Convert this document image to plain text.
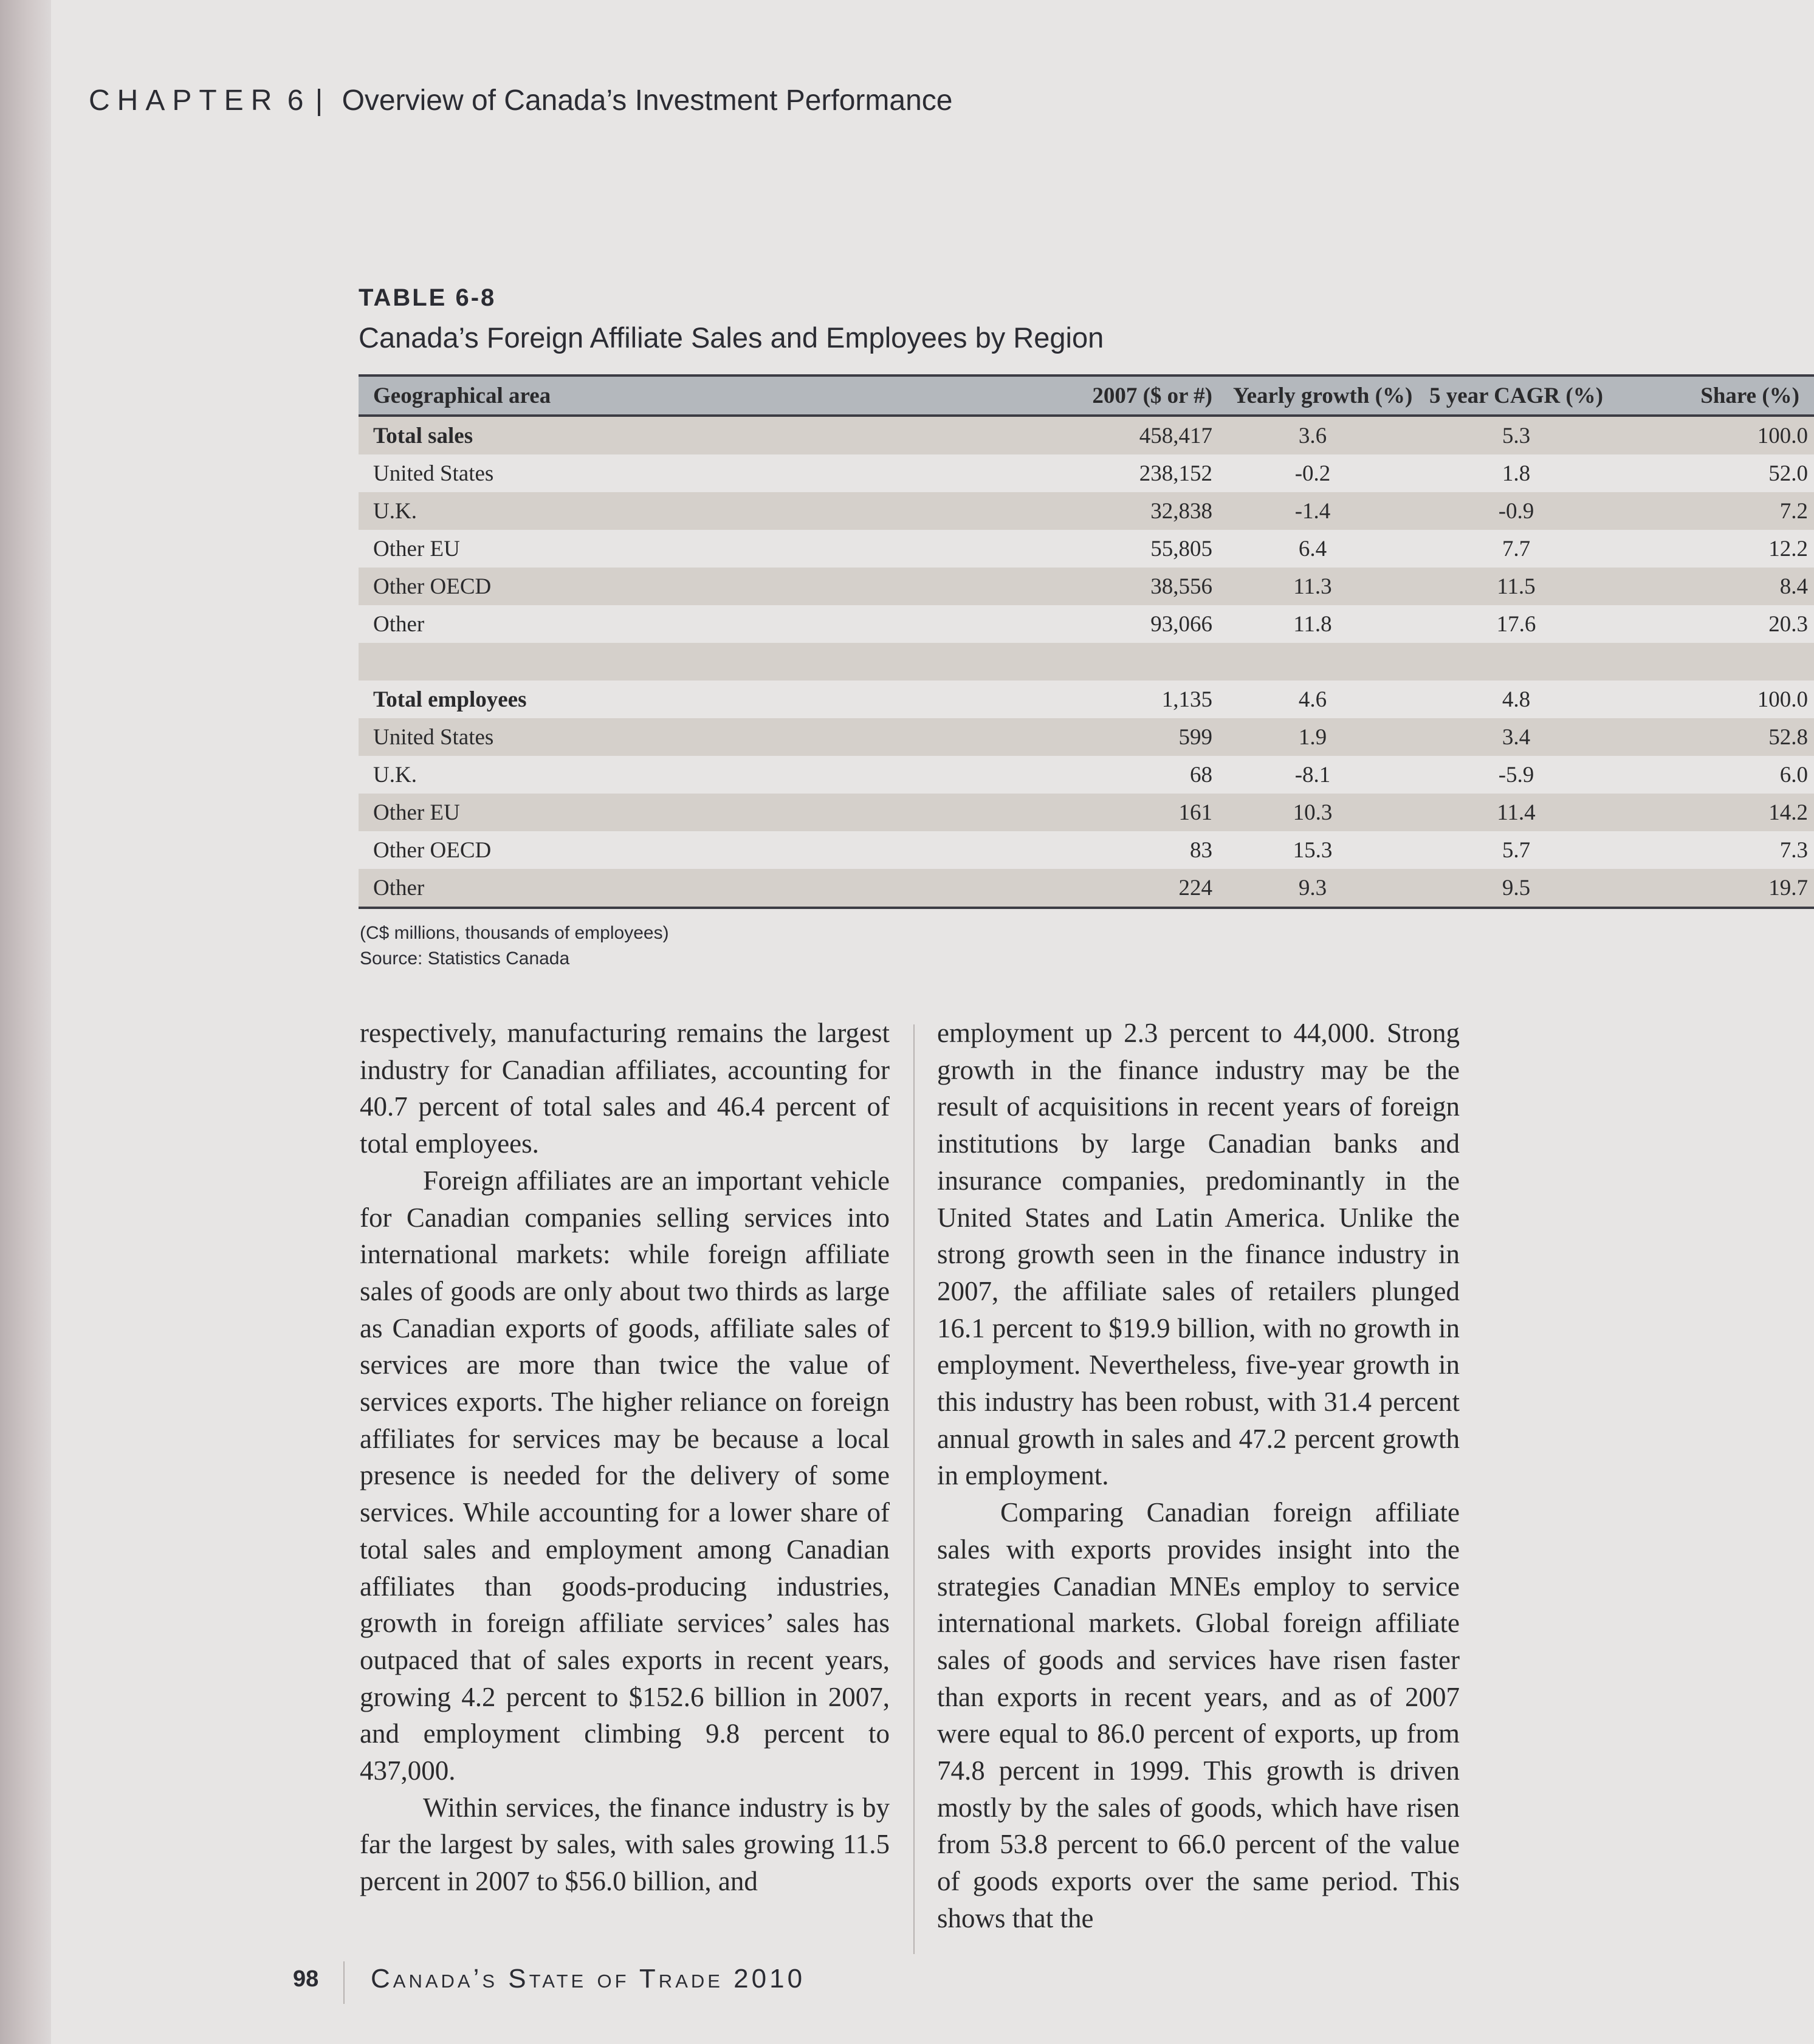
CHAPTER 6 | Overview of Canada’s Investment Performance
TABLE 6-8
Canada’s Foreign Affiliate Sales and Employees by Region
Geographical area	2007 ($ or #)	Yearly growth (%)	5 year CAGR (%)	Share (%)
Total sales	458,417	3.6	5.3	100.0
United States	238,152	-0.2	1.8	52.0
U.K.	32,838	-1.4	-0.9	7.2
Other EU	55,805	6.4	7.7	12.2
Other OECD	38,556	11.3	11.5	8.4
Other	93,066	11.8	17.6	20.3

Total employees	1,135	4.6	4.8	100.0
United States	599	1.9	3.4	52.8
U.K.	68	-8.1	-5.9	6.0
Other EU	161	10.3	11.4	14.2
Other OECD	83	15.3	5.7	7.3
Other	224	9.3	9.5	19.7
(C$ millions, thousands of employees)
Source: Statistics Canada

respectively, manufacturing remains the largest industry for Canadian affiliates, accounting for 40.7 percent of total sales and 46.4 percent of total employees.

Foreign affiliates are an important vehicle for Canadian companies selling services into international markets: while foreign affiliate sales of goods are only about two thirds as large as Canadian exports of goods, affiliate sales of services are more than twice the value of services exports. The higher reliance on foreign affiliates for services may be because a local presence is needed for the delivery of some services. While accounting for a lower share of total sales and employment among Canadian affiliates than goods-producing industries, growth in foreign affiliate services’ sales has outpaced that of sales exports in recent years, growing 4.2 percent to $152.6 billion in 2007, and employment climbing 9.8 percent to 437,000.

Within services, the finance industry is by far the largest by sales, with sales growing 11.5 percent in 2007 to $56.0 billion, and

employment up 2.3 percent to 44,000. Strong growth in the finance industry may be the result of acquisitions in recent years of foreign institutions by large Canadian banks and insurance companies, predominantly in the United States and Latin America. Unlike the strong growth seen in the finance industry in 2007, the affiliate sales of retailers plunged 16.1 percent to $19.9 billion, with no growth in employment. Nevertheless, five-year growth in this industry has been robust, with 31.4 percent annual growth in sales and 47.2 percent growth in employment.

Comparing Canadian foreign affiliate sales with exports provides insight into the strategies Canadian MNEs employ to service international markets. Global foreign affiliate sales of goods and services have risen faster than exports in recent years, and as of 2007 were equal to 86.0 percent of exports, up from 74.8 percent in 1999. This growth is driven mostly by the sales of goods, which have risen from 53.8 percent to 66.0 percent of the value of goods exports over the same period. This shows that the

98 Canada’s State of Trade 2010
